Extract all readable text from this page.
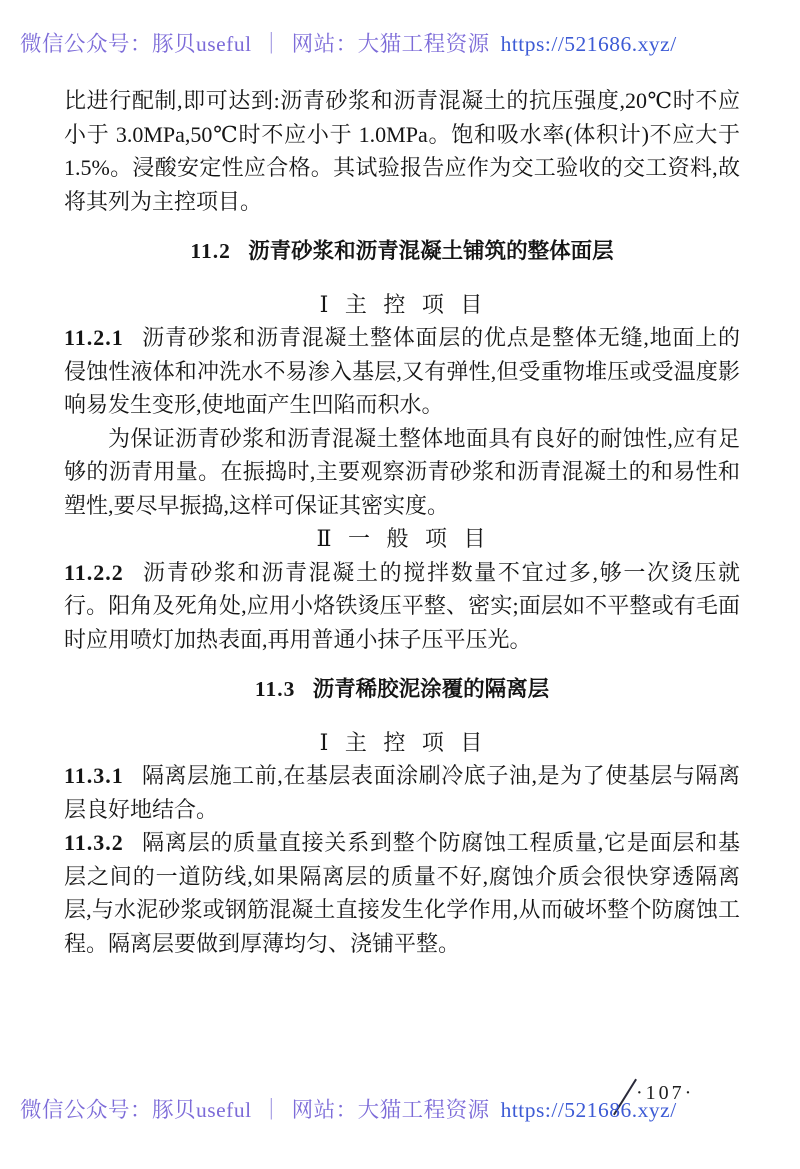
微信公众号：豚贝useful ｜ 网站：大猫工程资源 https://521686.xyz/

比进行配制,即可达到:沥青砂浆和沥青混凝土的抗压强度,20℃时不应小于 3.0MPa,50℃时不应小于 1.0MPa。饱和吸水率(体积计)不应大于 1.5%。浸酸安定性应合格。其试验报告应作为交工验收的交工资料,故将其列为主控项目。

11.2 沥青砂浆和沥青混凝土铺筑的整体面层

Ⅰ 主 控 项 目

11.2.1 沥青砂浆和沥青混凝土整体面层的优点是整体无缝,地面上的侵蚀性液体和冲洗水不易渗入基层,又有弹性,但受重物堆压或受温度影响易发生变形,使地面产生凹陷而积水。

为保证沥青砂浆和沥青混凝土整体地面具有良好的耐蚀性,应有足够的沥青用量。在振捣时,主要观察沥青砂浆和沥青混凝土的和易性和塑性,要尽早振捣,这样可保证其密实度。

Ⅱ 一 般 项 目

11.2.2 沥青砂浆和沥青混凝土的搅拌数量不宜过多,够一次烫压就行。阳角及死角处,应用小烙铁烫压平整、密实;面层如不平整或有毛面时应用喷灯加热表面,再用普通小抹子压平压光。

11.3 沥青稀胶泥涂覆的隔离层

Ⅰ 主 控 项 目

11.3.1 隔离层施工前,在基层表面涂刷冷底子油,是为了使基层与隔离层良好地结合。

11.3.2 隔离层的质量直接关系到整个防腐蚀工程质量,它是面层和基层之间的一道防线,如果隔离层的质量不好,腐蚀介质会很快穿透隔离层,与水泥砂浆或钢筋混凝土直接发生化学作用,从而破坏整个防腐蚀工程。隔离层要做到厚薄均匀、浇铺平整。

·107·
微信公众号：豚贝useful ｜ 网站：大猫工程资源 https://521686.xyz/
